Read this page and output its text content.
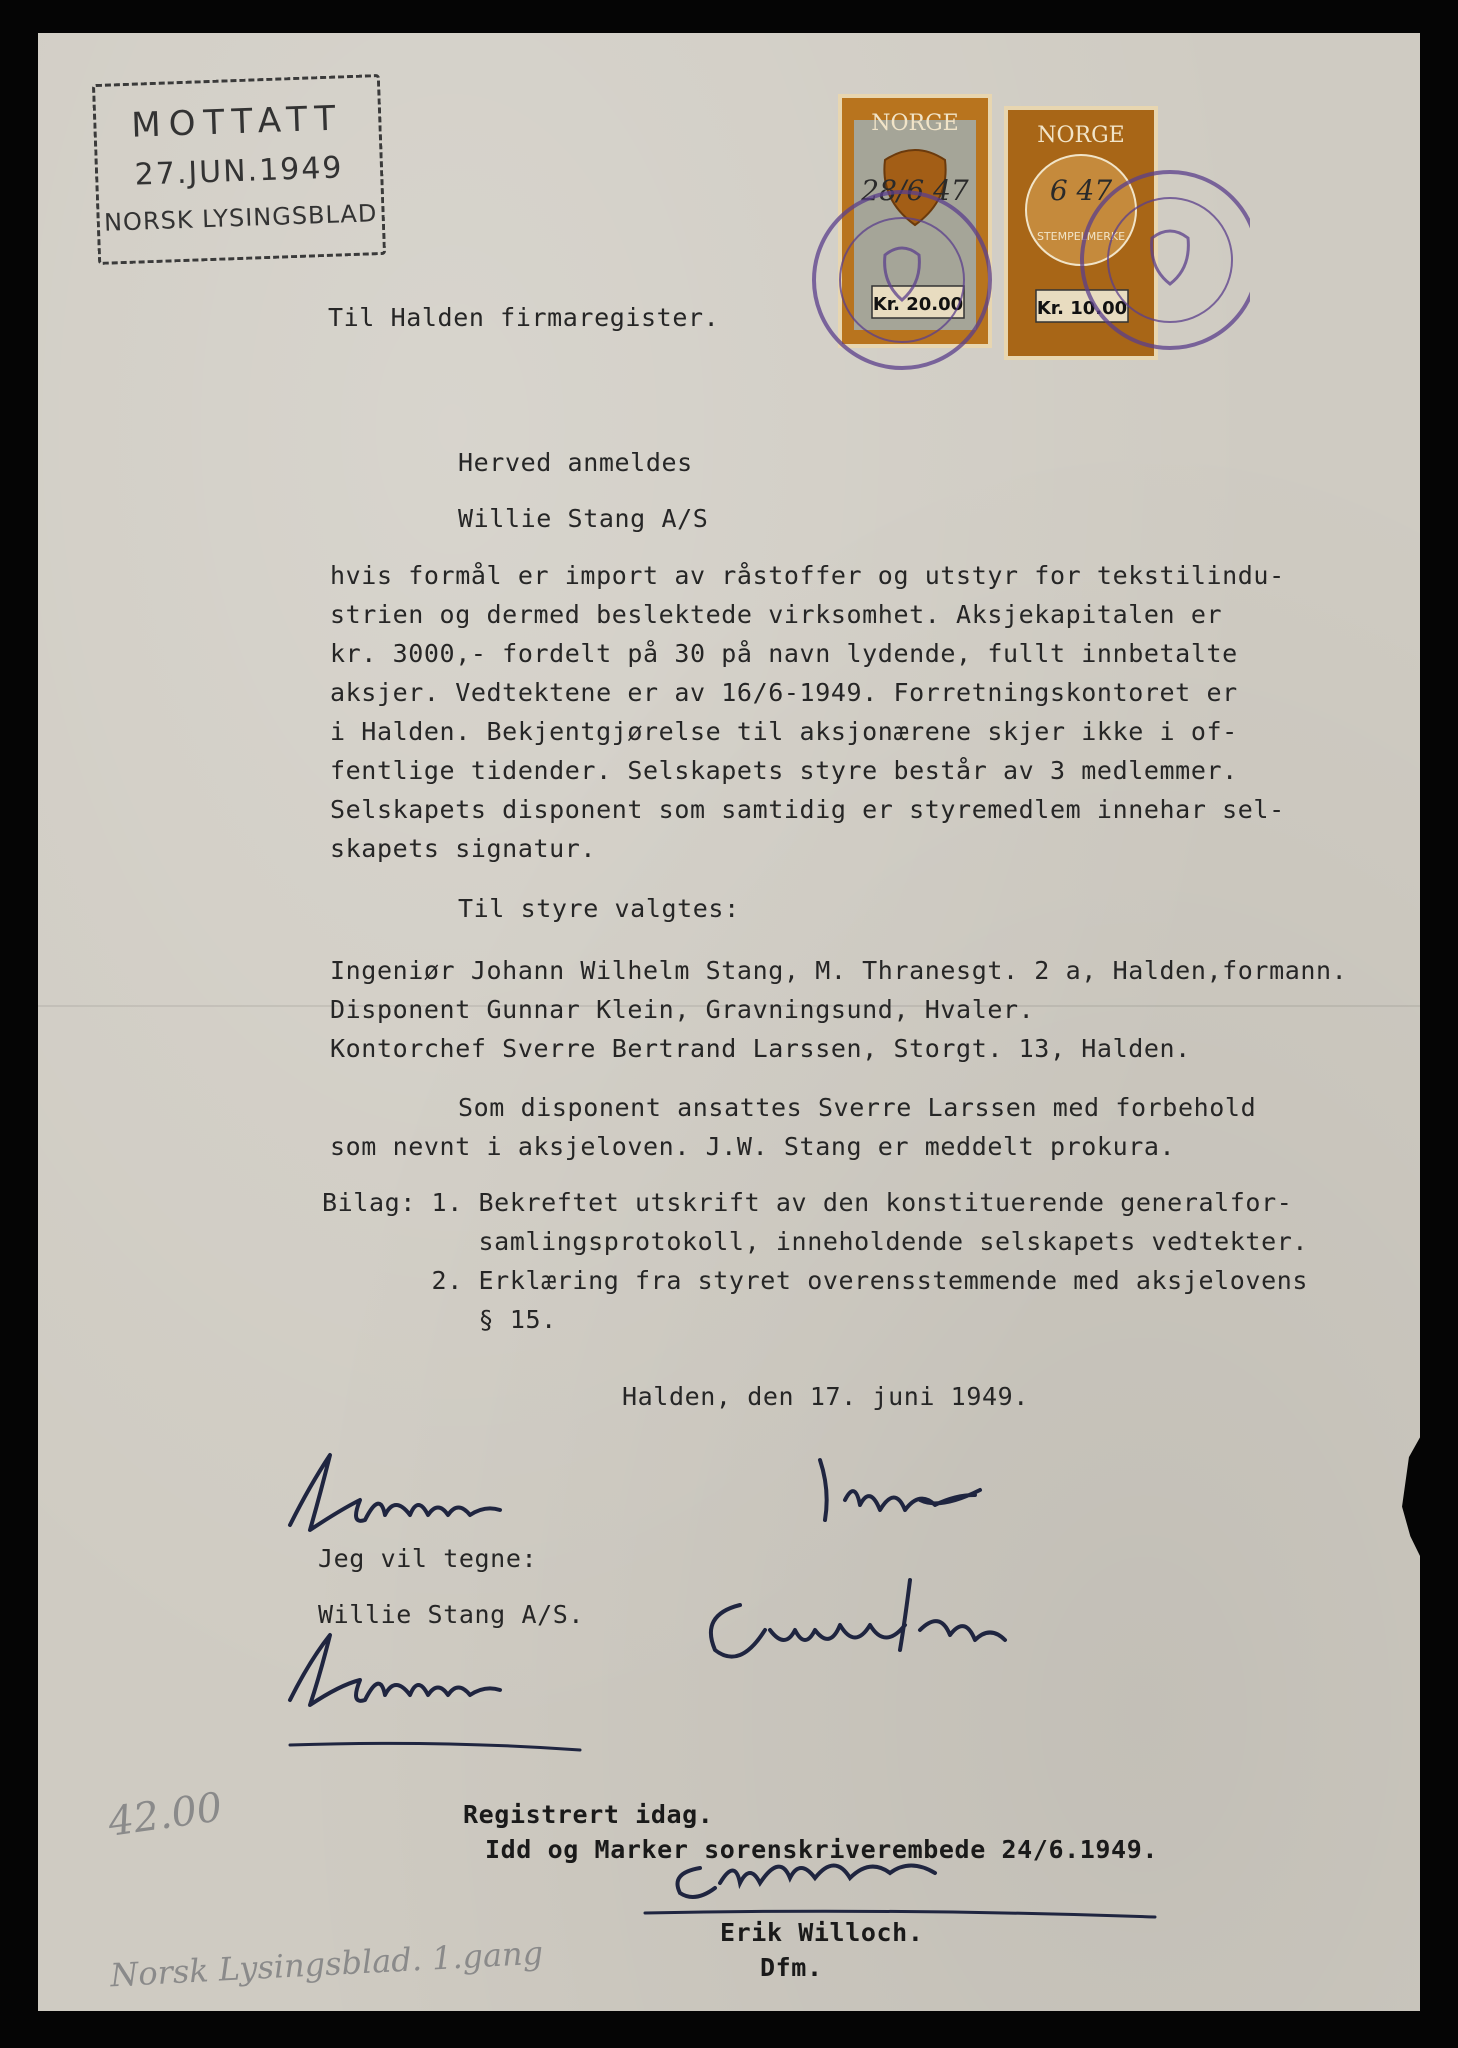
MOTTATT
27.JUN.1949
NORSK LYSINGSBLAD
NORGE
28/6 47
Kr. 20.00
NORGE
6 47
STEMPELMERKE
Kr. 10.00
Til Halden firmaregister.
Herved anmeldes
Willie Stang A/S
hvis formål er import av råstoffer og utstyr for tekstilindu-
strien og dermed beslektede virksomhet. Aksjekapitalen er
kr. 3000,- fordelt på 30 på navn lydende, fullt innbetalte
aksjer. Vedtektene er av 16/6-1949. Forretningskontoret er
i Halden. Bekjentgjørelse til aksjonærene skjer ikke i of-
fentlige tidender. Selskapets styre består av 3 medlemmer.
Selskapets disponent som samtidig er styremedlem innehar sel-
skapets signatur.
Til styre valgtes:
Ingeniør Johann Wilhelm Stang, M. Thranesgt. 2 a, Halden,formann.
Disponent Gunnar Klein, Gravningsund, Hvaler.
Kontorchef Sverre Bertrand Larssen, Storgt. 13, Halden.
Som disponent ansattes Sverre Larssen med forbehold
som nevnt i aksjeloven. J.W. Stang er meddelt prokura.
Bilag: 1. Bekreftet utskrift av den konstituerende generalfor-
samlingsprotokoll, inneholdende selskapets vedtekter.
2. Erklæring fra styret overensstemmende med aksjelovens
§ 15.
Halden, den 17. juni 1949.
Jeg vil tegne:
Willie Stang A/S.
42.00
Norsk Lysingsblad. 1.gang
Registrert idag.
Idd og Marker sorenskriverembede 24/6.1949.
Erik Willoch.
Dfm.
